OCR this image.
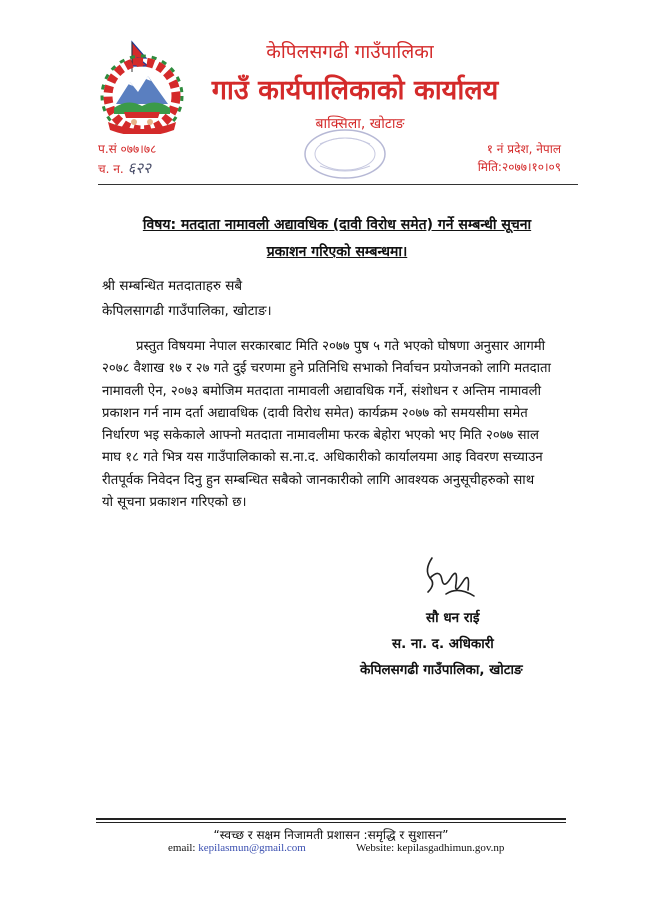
केपिलसगढी गाउँपालिका
गाउँ कार्यपालिकाको कार्यालय
बाक्सिला, खोटाङ
प.सं ०७७।७८
च. न. ६२२
१ नं प्रदेश, नेपाल
मिति:२०७७।१०।०९
विषय: मतदाता नामावली अद्यावधिक (दावी विरोध समेत) गर्ने सम्बन्धी सूचना
प्रकाशन गरिएको सम्बन्धमा।
श्री सम्बन्धित मतदाताहरु सबै
केपिलसागढी गाउँपालिका, खोटाङ।
प्रस्तुत विषयमा नेपाल सरकारबाट मिति २०७७ पुष ५ गते भएको घोषणा अनुसार आगमी
२०७८ वैशाख १७ र २७ गते दुई चरणमा हुने प्रतिनिधि सभाको निर्वाचन प्रयोजनको लागि मतदाता
नामावली ऐन, २०७३ बमोजिम मतदाता नामावली अद्यावधिक गर्ने, संशोधन र अन्तिम नामावली
प्रकाशन गर्न नाम दर्ता अद्यावधिक (दावी विरोध समेत) कार्यक्रम २०७७ को समयसीमा समेत
निर्धारण भइ सकेकाले आफ्नो मतदाता नामावलीमा फरक बेहोरा भएको भए मिति २०७७ साल
माघ १८ गते भित्र यस गाउँपालिकाको स.ना.द. अधिकारीको कार्यालयमा आइ विवरण सच्याउन
रीतपूर्वक निवेदन दिनु हुन सम्बन्धित सबैको जानकारीको लागि आवश्यक अनुसूचीहरुको साथ
यो सूचना प्रकाशन गरिएको छ।
सौ धन राई
स. ना. द. अधिकारी
केपिलसगढी गाउँपालिका, खोटाङ
“स्वच्छ र सक्षम निजामती प्रशासन :समृद्धि र सुशासन”
email: kepilasmun@gmail.com	Website: kepilasgadhimun.gov.np
